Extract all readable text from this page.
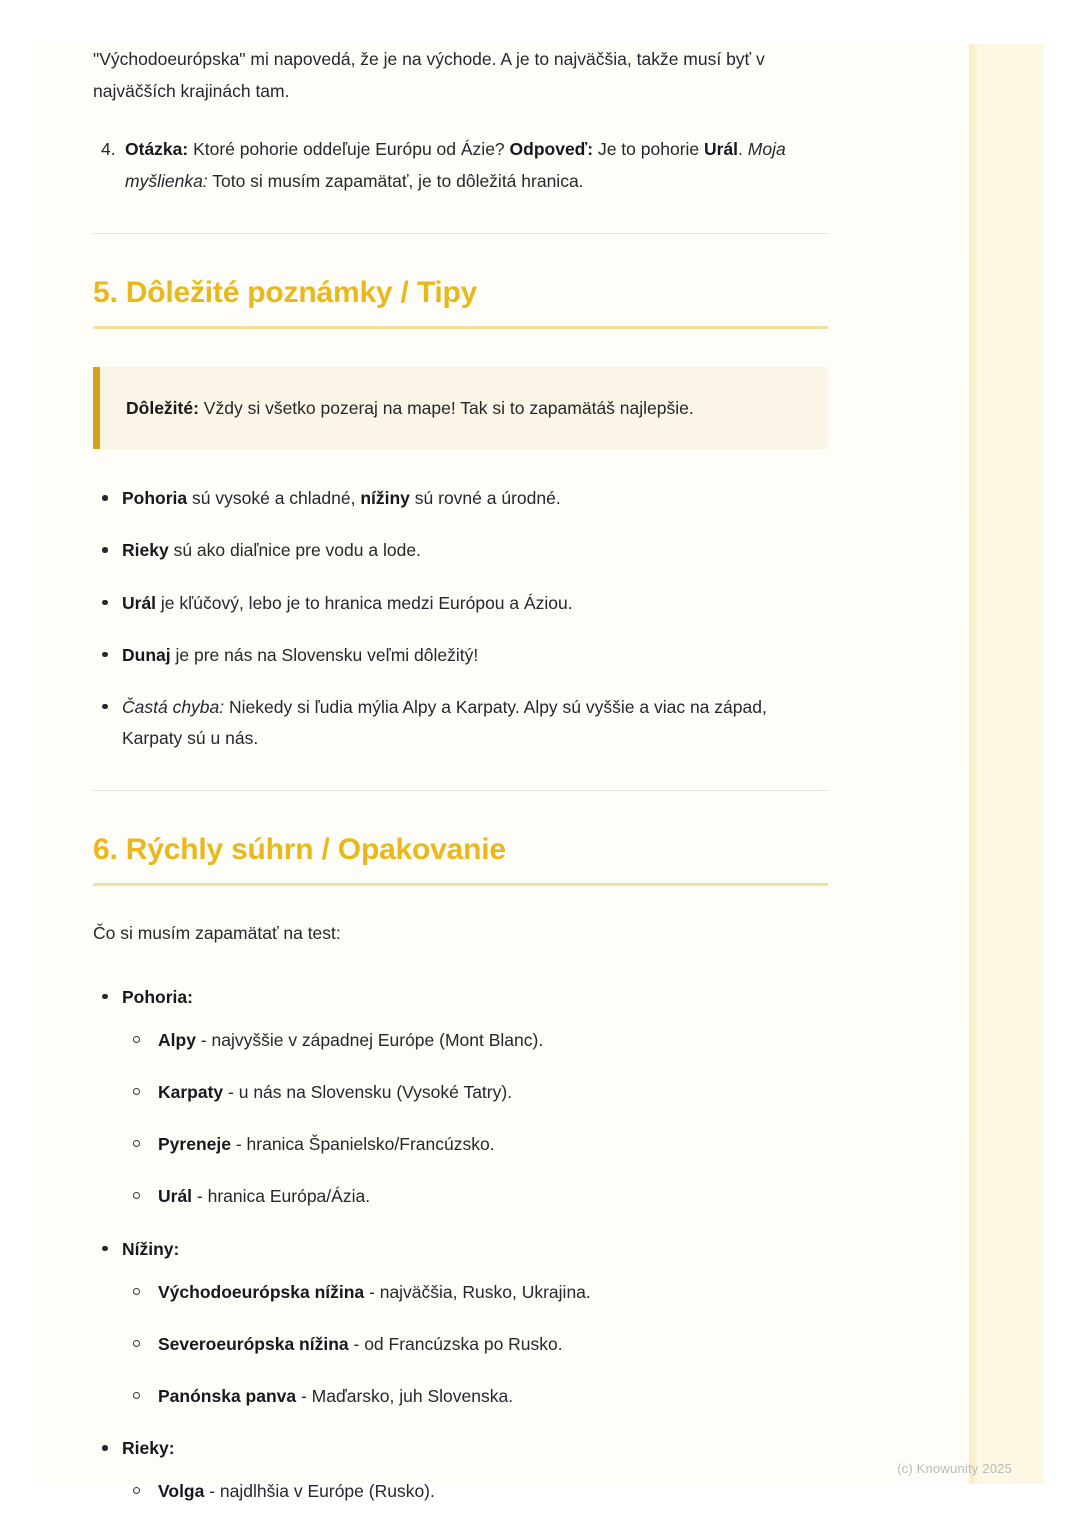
"Východoeurópska" mi napovedá, že je na východe. A je to najväčšia, takže musí byť v najväčších krajinách tam.

4. Otázka: Ktoré pohorie oddeľuje Európu od Ázie? Odpoveď: Je to pohorie Urál. Moja myšlienka: Toto si musím zapamätať, je to dôležitá hranica.
5. Dôležité poznámky / Tipy

Dôležité: Vždy si všetko pozeraj na mape! Tak si to zapamätáš najlepšie.

Pohoria sú vysoké a chladné, nížiny sú rovné a úrodné.
Rieky sú ako diaľnice pre vodu a lode.
Urál je kľúčový, lebo je to hranica medzi Európou a Áziou.
Dunaj je pre nás na Slovensku veľmi dôležitý!
Častá chyba: Niekedy si ľudia mýlia Alpy a Karpaty. Alpy sú vyššie a viac na západ, Karpaty sú u nás.
6. Rýchly súhrn / Opakovanie

Čo si musím zapamätať na test:

Pohoria:
Alpy - najvyššie v západnej Európe (Mont Blanc).
Karpaty - u nás na Slovensku (Vysoké Tatry).
Pyreneje - hranica Španielsko/Francúzsko.
Urál - hranica Európa/Ázia.
Nížiny:
Východoeurópska nížina - najväčšia, Rusko, Ukrajina.
Severoeurópska nížina - od Francúzska po Rusko.
Panónska panva - Maďarsko, juh Slovenska.
Rieky:
Volga - najdlhšia v Európe (Rusko).
(c) Knowunity 2025
